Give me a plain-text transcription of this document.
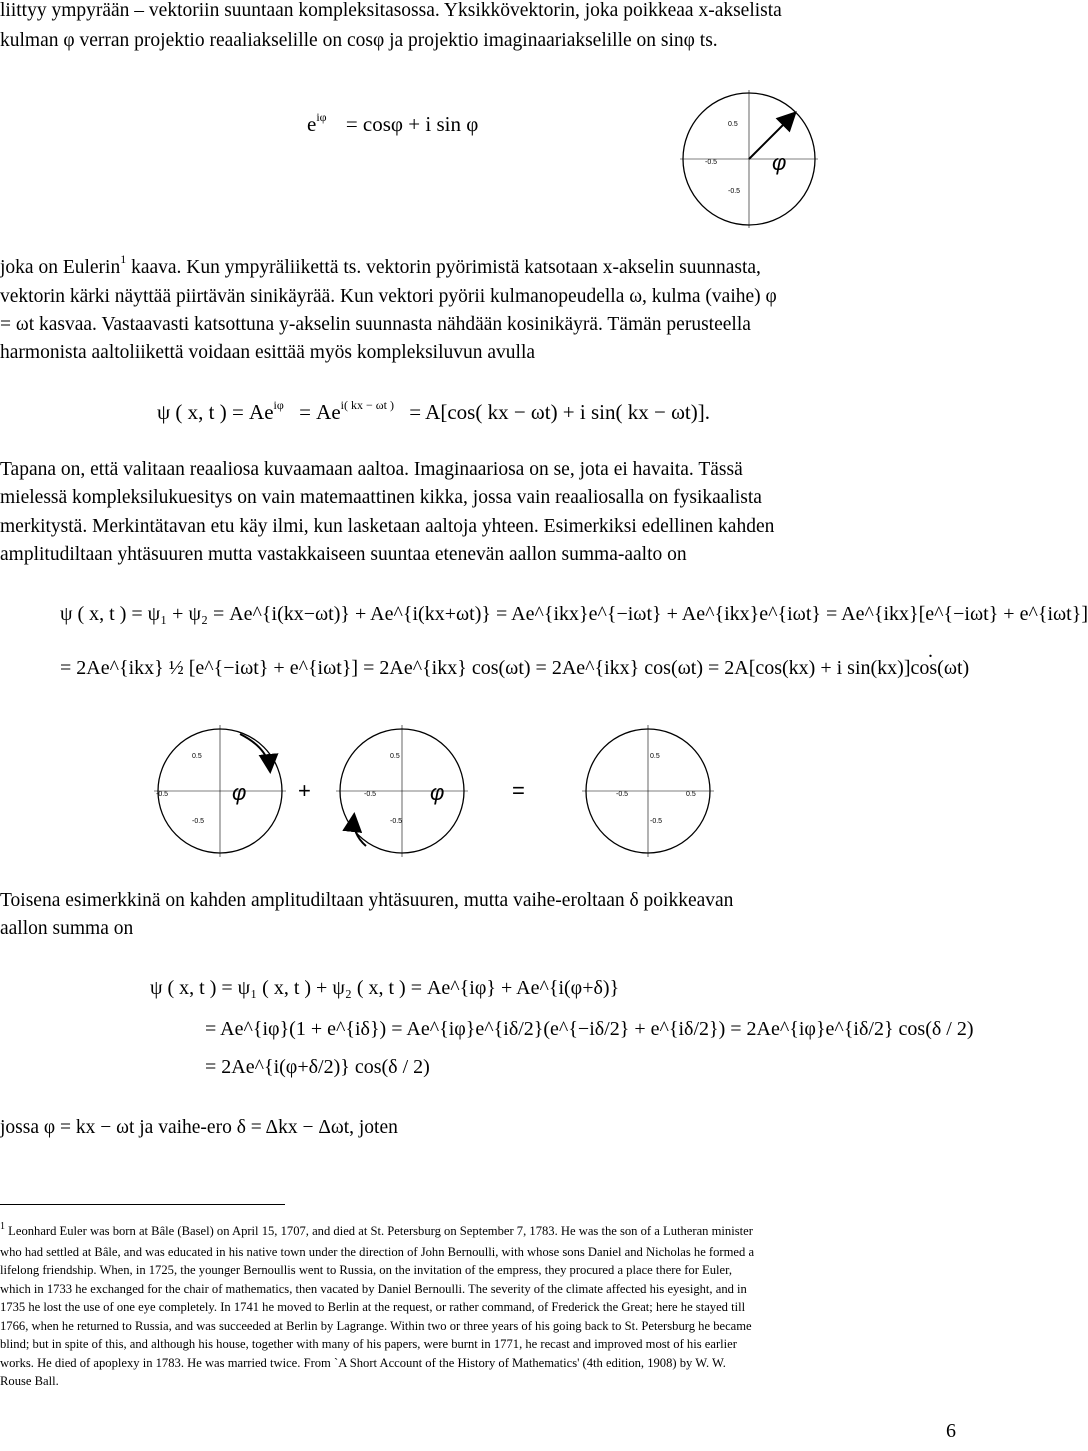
liittyy ympyrään – vektoriin suuntaan kompleksitasossa. Yksikkövektorin, joka poikkeaa x-akselista
kulman φ verran projektio reaaliakselille on cosφ ja projektio imaginaariakselille on sinφ ts.
$e^{i\varphi} = \cos\varphi + i$ sin φ	0.5
-0.5
-0.5
φ
joka on Eulerin$^1$ kaava. Kun ympyräliikettä ts. vektorin pyörimistä katsotaan x-akselin suunnasta,
vektorin kärki näyttää piirtävän sinikäyrää. Kun vektori pyörii kulmanopeudella ω, kulma (vaihe) φ
= ωt kasvaa. Vastaavasti katsottuna y-akselin suunnasta nähdään kosinikäyrä. Tämän perusteella
harmonista aaltoliikettä voidaan esittää myös kompleksiluvun avulla
ψ ( x, t ) = $Ae^{i\varphi} = Ae^{i( kx - \omega t )} = A[\cos$( kx − ωt) + i sin( kx − ωt)].
Tapana on, että valitaan reaaliosa kuvaamaan aaltoa. Imaginaariosa on se, jota ei havaita. Tässä
mielessä kompleksilukuesitys on vain matemaattinen kikka, jossa vain reaaliosalla on fysikaalista
merkitystä. Merkintätavan etu käy ilmi, kun lasketaan aaltoja yhteen. Esimerkiksi edellinen kahden
amplitudiltaan yhtäsuuren mutta vastakkaiseen suuntaa etenevän aallon summa-aalto on
ψ ( x, t ) = ψ₁ + ψ₂ = Ae^{i(kx−ωt)} + Ae^{i(kx+ωt)} = Ae^{ikx}e^{−iωt} + Ae^{ikx}e^{iωt} = Ae^{ikx}[e^{−iωt} + e^{iωt}]
= 2Ae^{ikx} ½ [e^{−iωt} + e^{iωt}] = 2Ae^{ikx} cos(ωt) = 2Ae^{ikx} cos(ωt) = 2A[cos(kx) + i sin(kx)]cos(ωt)
.
0.5
-0.5
-0.5
φ +
0.5
-0.5
-0.5
φ	=
0.5
-0.5	0.5
-0.5
Toisena esimerkkinä on kahden amplitudiltaan yhtäsuuren, mutta vaihe-eroltaan δ poikkeavan
aallon summa on
ψ ( x, t ) = ψ₁ ( x, t ) + ψ₂ ( x, t ) = Ae^{iφ} + Ae^{i(φ+δ)}
= Ae^{iφ}(1 + e^{iδ}) = Ae^{iφ}e^{iδ/2}(e^{−iδ/2} + e^{iδ/2}) = 2Ae^{iφ}e^{iδ/2} cos(δ / 2)
= 2Ae^{i(φ+δ/2)} cos(δ / 2)
jossa φ = kx − ωt ja vaihe-ero δ = Δkx − Δωt, joten
$^1$ Leonhard Euler was born at Bâle (Basel) on April 15, 1707, and died at St. Petersburg on September 7, 1783. He was the son of a Lutheran minister
who had settled at Bâle, and was educated in his native town under the direction of John Bernoulli, with whose sons Daniel and Nicholas he formed a
lifelong friendship. When, in 1725, the younger Bernoullis went to Russia, on the invitation of the empress, they procured a place there for Euler,
which in 1733 he exchanged for the chair of mathematics, then vacated by Daniel Bernoulli. The severity of the climate affected his eyesight, and in
1735 he lost the use of one eye completely. In 1741 he moved to Berlin at the request, or rather command, of Frederick the Great; here he stayed till
1766, when he returned to Russia, and was succeeded at Berlin by Lagrange. Within two or three years of his going back to St. Petersburg he became
blind; but in spite of this, and although his house, together with many of his papers, were burnt in 1771, he recast and improved most of his earlier
works. He died of apoplexy in 1783. He was married twice. From `A Short Account of the History of Mathematics' (4th edition, 1908) by W. W.
Rouse Ball.
6
